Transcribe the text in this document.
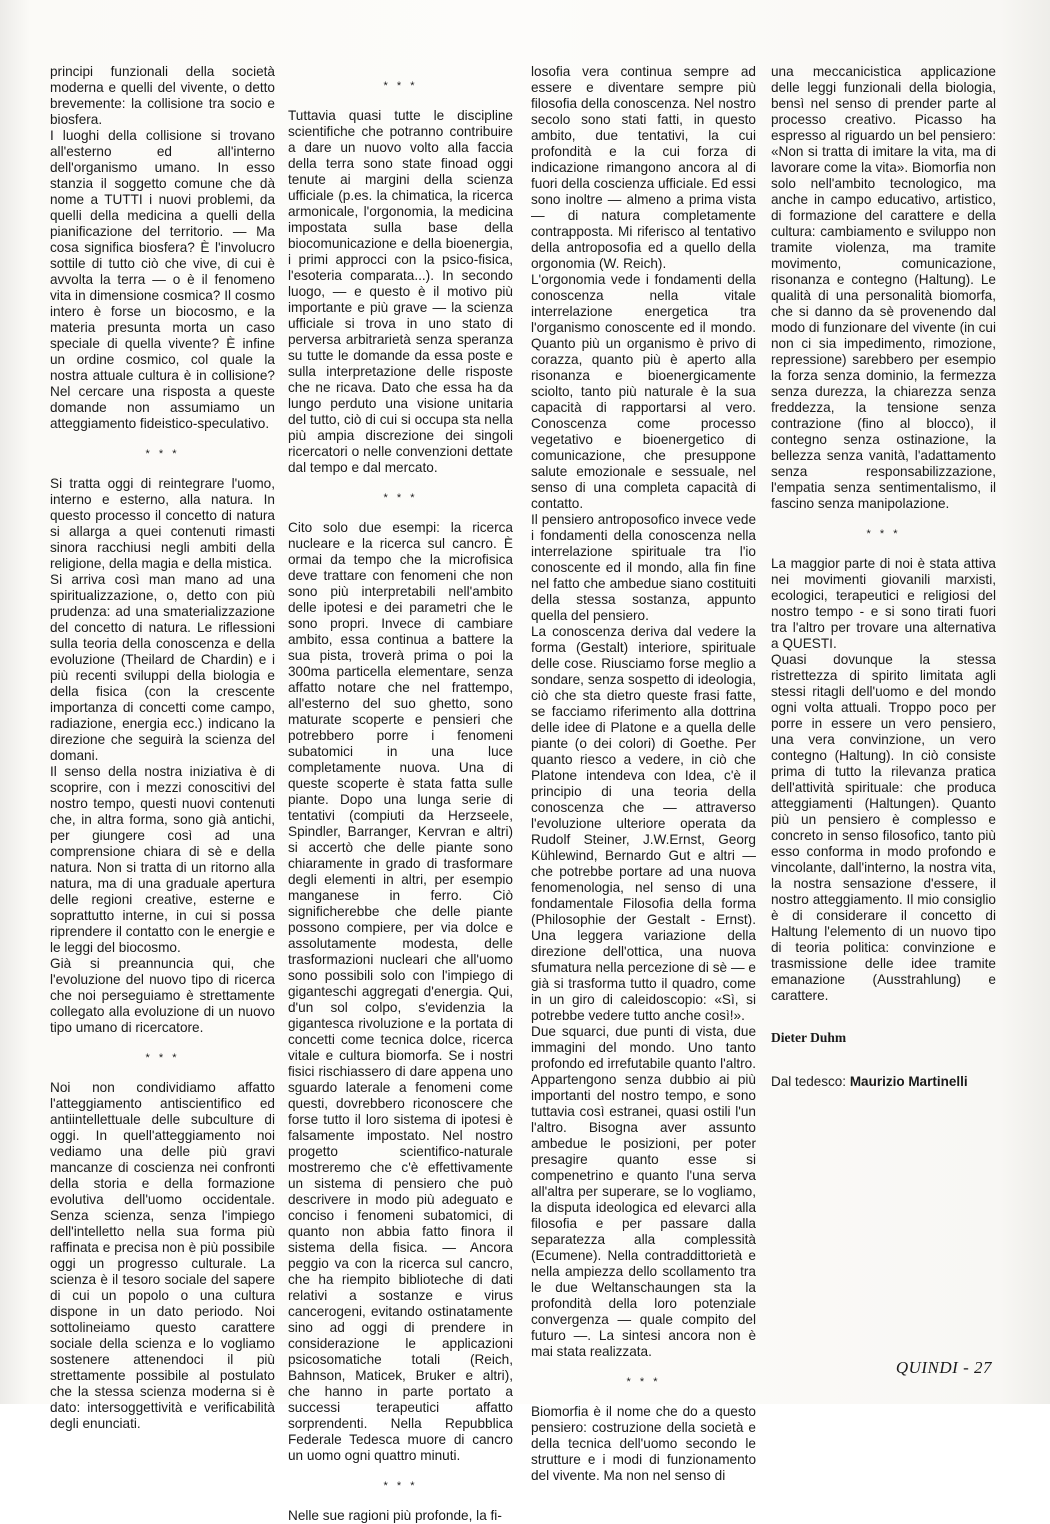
principi funzionali della società moderna e quelli del vivente, o detto brevemente: la collisione tra socio e biosfera.

I luoghi della collisione si trovano all'esterno ed all'interno dell'organismo umano. In esso stanzia il soggetto comune che dà nome a TUTTI i nuovi problemi, da quelli della medicina a quelli della pianificazione del territorio. — Ma cosa significa biosfera? È l'involucro sottile di tutto ciò che vive, di cui è avvolta la terra — o è il fenomeno vita in dimensione cosmica? Il cosmo intero è forse un biocosmo, e la materia presunta morta un caso speciale di quella vivente? È infine un ordine cosmico, col quale la nostra attuale cultura è in collisione? Nel cercare una risposta a queste domande non assumiamo un atteggiamento fideistico-speculativo.

* * *

Si tratta oggi di reintegrare l'uomo, interno e esterno, alla natura. In questo processo il concetto di natura si allarga a quei contenuti rimasti sinora racchiusi negli ambiti della religione, della magia e della mistica.

Si arriva così man mano ad una spiritualizzazione, o, detto con più prudenza: ad una smaterializzazione del concetto di natura. Le riflessioni sulla teoria della conoscenza e della evoluzione (Theilard de Chardin) e i più recenti sviluppi della biologia e della fisica (con la crescente importanza di concetti come campo, radiazione, energia ecc.) indicano la direzione che seguirà la scienza del domani.

Il senso della nostra iniziativa è di scoprire, con i mezzi conoscitivi del nostro tempo, questi nuovi contenuti che, in altra forma, sono già antichi, per giungere così ad una comprensione chiara di sè e della natura. Non si tratta di un ritorno alla natura, ma di una graduale apertura delle regioni creative, esterne e soprattutto interne, in cui si possa riprendere il contatto con le energie e le leggi del biocosmo.

Già si preannuncia qui, che l'evoluzione del nuovo tipo di ricerca che noi perseguiamo è strettamente collegato alla evoluzione di un nuovo tipo umano di ricercatore.

* * *

Noi non condividiamo affatto l'atteggiamento antiscientifico ed antiintellettuale delle subculture di oggi. In quell'atteggiamento noi vediamo una delle più gravi mancanze di coscienza nei confronti della storia e della formazione evolutiva dell'uomo occidentale. Senza scienza, senza l'impiego dell'intelletto nella sua forma più raffinata e precisa non è più possibile oggi un progresso culturale. La scienza è il tesoro sociale del sapere di cui un popolo o una cultura dispone in un dato periodo. Noi sottolineiamo questo carattere sociale della scienza e lo vogliamo sostenere attenendoci il più strettamente possibile al postulato che la stessa scienza moderna si è dato: intersoggettività e verificabilità degli enunciati.

* * *

Tuttavia quasi tutte le discipline scientifiche che potranno contribuire a dare un nuovo volto alla faccia della terra sono state finoad oggi tenute ai margini della scienza ufficiale (p.es. la chimatica, la ricerca armonicale, l'orgonomia, la medicina impostata sulla base della biocomunicazione e della bioenergia, i primi approcci con la psico-fisica, l'esoteria comparata...). In secondo luogo, — e questo è il motivo più importante e più grave — la scienza ufficiale si trova in uno stato di perversa arbitrarietà senza speranza su tutte le domande da essa poste e sulla interpretazione delle risposte che ne ricava. Dato che essa ha da lungo perduto una visione unitaria del tutto, ciò di cui si occupa sta nella più ampia discrezione dei singoli ricercatori o nelle convenzioni dettate dal tempo e dal mercato.

* * *

Cito solo due esempi: la ricerca nucleare e la ricerca sul cancro. È ormai da tempo che la microfisica deve trattare con fenomeni che non sono più interpretabili nell'ambito delle ipotesi e dei parametri che le sono propri. Invece di cambiare ambito, essa continua a battere la sua pista, troverà prima o poi la 300ma particella elementare, senza affatto notare che nel frattempo, all'esterno del suo ghetto, sono maturate scoperte e pensieri che potrebbero porre i fenomeni subatomici in una luce completamente nuova. Una di queste scoperte è stata fatta sulle piante. Dopo una lunga serie di tentativi (compiuti da Herzseele, Spindler, Barranger, Kervran e altri) si accertò che delle piante sono chiaramente in grado di trasformare degli elementi in altri, per esempio manganese in ferro. Ciò significherebbe che delle piante possono compiere, per via dolce e assolutamente modesta, delle trasformazioni nucleari che all'uomo sono possibili solo con l'impiego di giganteschi aggregati d'energia. Qui, d'un sol colpo, s'evidenzia la gigantesca rivoluzione e la portata di concetti come tecnica dolce, ricerca vitale e cultura biomorfa. Se i nostri fisici rischiassero di dare appena uno sguardo laterale a fenomeni come questi, dovrebbero riconoscere che forse tutto il loro sistema di ipotesi è falsamente impostato. Nel nostro progetto scientifico-naturale mostreremo che c'è effettivamente un sistema di pensiero che può descrivere in modo più adeguato e conciso i fenomeni subatomici, di quanto non abbia fatto finora il sistema della fisica. — Ancora peggio va con la ricerca sul cancro, che ha riempito biblioteche di dati relativi a sostanze e virus cancerogeni, evitando ostinatamente sino ad oggi di prendere in considerazione le applicazioni psicosomatiche totali (Reich, Bahnson, Maticek, Bruker e altri), che hanno in parte portato a successi terapeutici affatto sorprendenti. Nella Repubblica Federale Tedesca muore di cancro un uomo ogni quattro minuti.

* * *

Nelle sue ragioni più profonde, la fi-

losofia vera continua sempre ad essere e diventare sempre più filosofia della conoscenza. Nel nostro secolo sono stati fatti, in questo ambito, due tentativi, la cui profondità e la cui forza di indicazione rimangono ancora al di fuori della coscienza ufficiale. Ed essi sono inoltre — almeno a prima vista — di natura completamente contrapposta. Mi riferisco al tentativo della antroposofia ed a quello della orgonomia (W. Reich).

L'orgonomia vede i fondamenti della conoscenza nella vitale interrelazione energetica tra l'organismo conoscente ed il mondo. Quanto più un organismo è privo di corazza, quanto più è aperto alla risonanza e bioenergicamente sciolto, tanto più naturale è la sua capacità di rapportarsi al vero. Conoscenza come processo vegetativo e bioenergetico di comunicazione, che presuppone salute emozionale e sessuale, nel senso di una completa capacità di contatto.

Il pensiero antroposofico invece vede i fondamenti della conoscenza nella interrelazione spirituale tra l'io conoscente ed il mondo, alla fin fine nel fatto che ambedue siano costituiti della stessa sostanza, appunto quella del pensiero.

La conoscenza deriva dal vedere la forma (Gestalt) interiore, spirituale delle cose. Riusciamo forse meglio a sondare, senza sospetto di ideologia, ciò che sta dietro queste frasi fatte, se facciamo riferimento alla dottrina delle idee di Platone e a quella delle piante (o dei colori) di Goethe. Per quanto riesco a vedere, in ciò che Platone intendeva con Idea, c'è il principio di una teoria della conoscenza che — attraverso l'evoluzione ulteriore operata da Rudolf Steiner, J.W.Ernst, Georg Kühlewind, Bernardo Gut e altri — che potrebbe portare ad una nuova fenomenologia, nel senso di una fondamentale Filosofia della forma (Philosophie der Gestalt - Ernst). Una leggera variazione della direzione dell'ottica, una nuova sfumatura nella percezione di sè — e già si trasforma tutto il quadro, come in un giro di caleidoscopio: «Sì, si potrebbe vedere tutto anche così!».

Due squarci, due punti di vista, due immagini del mondo. Uno tanto profondo ed irrefutabile quanto l'altro. Appartengono senza dubbio ai più importanti del nostro tempo, e sono tuttavia così estranei, quasi ostili l'un l'altro. Bisogna aver assunto ambedue le posizioni, per poter presagire quanto esse si compenetrino e quanto l'una serva all'altra per superare, se lo vogliamo, la disputa ideologica ed elevarci alla filosofia e per passare dalla separatezza alla complessità (Ecumene). Nella contraddittorietà e nella ampiezza dello scollamento tra le due Weltanschaungen sta la profondità della loro potenziale convergenza — quale compito del futuro —. La sintesi ancora non è mai stata realizzata.

* * *

Biomorfia è il nome che do a questo pensiero: costruzione della società e della tecnica dell'uomo secondo le strutture e i modi di funzionamento del vivente. Ma non nel senso di

una meccanicistica applicazione delle leggi funzionali della biologia, bensì nel senso di prender parte al processo creativo. Picasso ha espresso al riguardo un bel pensiero: «Non si tratta di imitare la vita, ma di lavorare come la vita». Biomorfia non solo nell'ambito tecnologico, ma anche in campo educativo, artistico, di formazione del carattere e della cultura: cambiamento e sviluppo non tramite violenza, ma tramite movimento, comunicazione, risonanza e contegno (Haltung). Le qualità di una personalità biomorfa, che si danno da sè provenendo dal modo di funzionare del vivente (in cui non ci sia impedimento, rimozione, repressione) sarebbero per esempio la forza senza dominio, la fermezza senza durezza, la chiarezza senza freddezza, la tensione senza contrazione (fino al blocco), il contegno senza ostinazione, la bellezza senza vanità, l'adattamento senza responsabilizzazione, l'empatia senza sentimentalismo, il fascino senza manipolazione.

* * *

La maggior parte di noi è stata attiva nei movimenti giovanili marxisti, ecologici, terapeutici e religiosi del nostro tempo - e si sono tirati fuori tra l'altro per trovare una alternativa a QUESTI.

Quasi dovunque la stessa ristrettezza di spirito limitata agli stessi ritagli dell'uomo e del mondo ogni volta attuali. Troppo poco per porre in essere un vero pensiero, una vera convinzione, un vero contegno (Haltung). In ciò consiste prima di tutto la rilevanza pratica dell'attività spirituale: che produca atteggiamenti (Haltungen). Quanto più un pensiero è complesso e concreto in senso filosofico, tanto più esso conforma in modo profondo e vincolante, dall'interno, la nostra vita, la nostra sensazione d'essere, il nostro atteggiamento. Il mio consiglio è di considerare il concetto di Haltung l'elemento di un nuovo tipo di teoria politica: convinzione e trasmissione delle idee tramite emanazione (Ausstrahlung) e carattere.

Dieter Duhm
Dal tedesco: Maurizio Martinelli
QUINDI - 27
